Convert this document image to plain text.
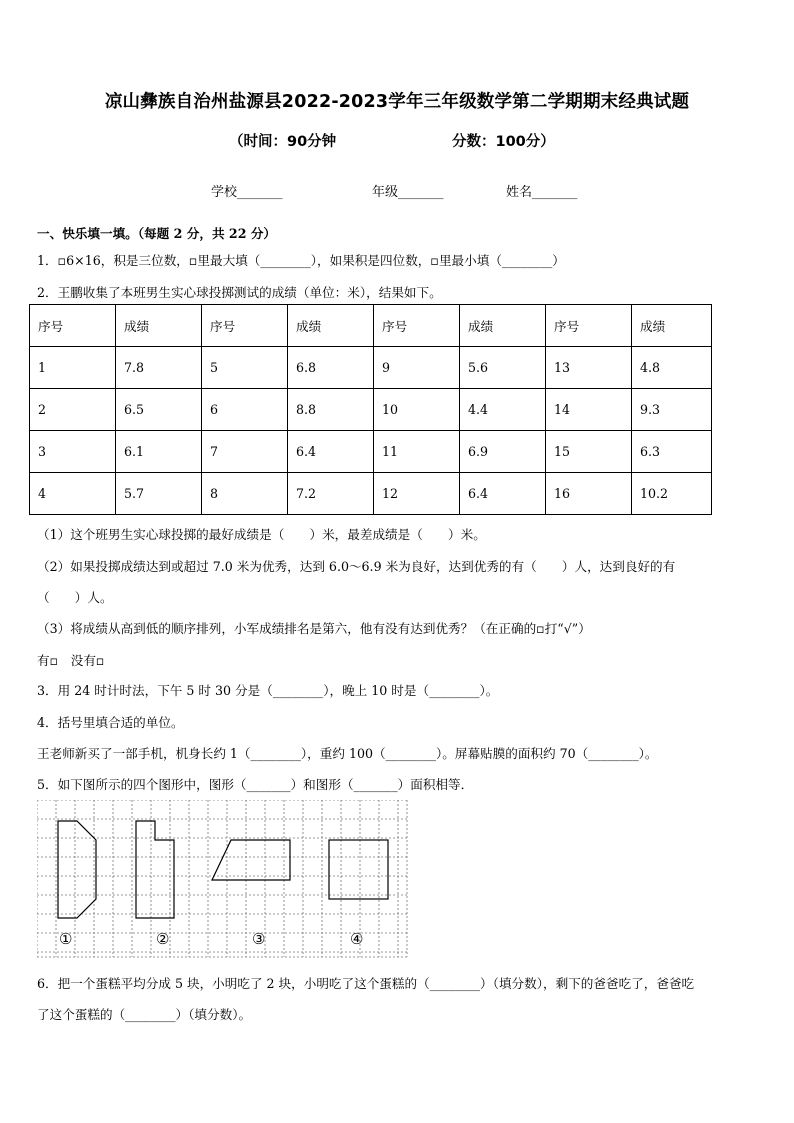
凉山彝族自治州盐源县2022-2023学年三年级数学第二学期期末经典试题
（时间：90分钟	分数：100分）
学校_______	年级_______	姓名_______
一、快乐填一填。（每题 2 分，共 22 分）
1．▫6×16，积是三位数，▫里最大填（________），如果积是四位数，▫里最小填（________）
2．王鹏收集了本班男生实心球投掷测试的成绩（单位：米），结果如下。
序号	成绩	序号	成绩	序号	成绩	序号	成绩
1	7.8	5	6.8	9	5.6	13	4.8
2	6.5	6	8.8	10	4.4	14	9.3
3	6.1	7	6.4	11	6.9	15	6.3
4	5.7	8	7.2	12	6.4	16	10.2
（1）这个班男生实心球投掷的最好成绩是（　　）米，最差成绩是（　　）米。
（2）如果投掷成绩达到或超过 7.0 米为优秀，达到 6.0～6.9 米为良好，达到优秀的有（　　）人，达到良好的有
（　　）人。
（3）将成绩从高到低的顺序排列，小军成绩排名是第六，他有没有达到优秀？（在正确的▫打“√”）
有▫　没有▫
3．用 24 时计时法，下午 5 时 30 分是（________），晚上 10 时是（________）。
4．括号里填合适的单位。
王老师新买了一部手机，机身长约 1（________），重约 100（________）。屏幕贴膜的面积约 70（________）。
5．如下图所示的四个图形中，图形（_______）和图形（_______）面积相等．
①	②	③	④
6．把一个蛋糕平均分成 5 块，小明吃了 2 块，小明吃了这个蛋糕的（________）（填分数），剩下的爸爸吃了，爸爸吃
了这个蛋糕的（________）（填分数）。
